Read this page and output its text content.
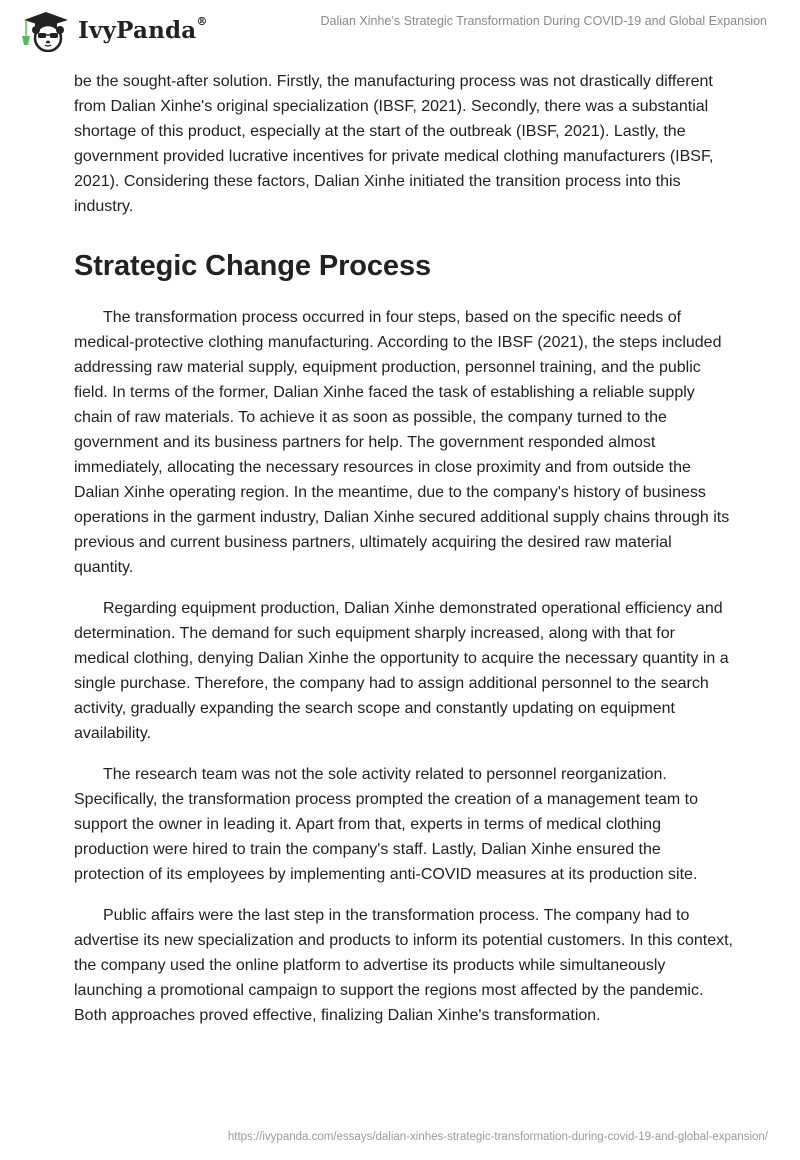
IvyPanda®	Dalian Xinhe’s Strategic Transformation During COVID-19 and Global Expansion

be the sought-after solution. Firstly, the manufacturing process was not drastically different from Dalian Xinhe's original specialization (IBSF, 2021). Secondly, there was a substantial shortage of this product, especially at the start of the outbreak (IBSF, 2021). Lastly, the government provided lucrative incentives for private medical clothing manufacturers (IBSF, 2021). Considering these factors, Dalian Xinhe initiated the transition process into this industry.

Strategic Change Process

The transformation process occurred in four steps, based on the specific needs of medical-protective clothing manufacturing. According to the IBSF (2021), the steps included addressing raw material supply, equipment production, personnel training, and the public field. In terms of the former, Dalian Xinhe faced the task of establishing a reliable supply chain of raw materials. To achieve it as soon as possible, the company turned to the government and its business partners for help. The government responded almost immediately, allocating the necessary resources in close proximity and from outside the Dalian Xinhe operating region. In the meantime, due to the company's history of business operations in the garment industry, Dalian Xinhe secured additional supply chains through its previous and current business partners, ultimately acquiring the desired raw material quantity.

Regarding equipment production, Dalian Xinhe demonstrated operational efficiency and determination. The demand for such equipment sharply increased, along with that for medical clothing, denying Dalian Xinhe the opportunity to acquire the necessary quantity in a single purchase. Therefore, the company had to assign additional personnel to the search activity, gradually expanding the search scope and constantly updating on equipment availability.

The research team was not the sole activity related to personnel reorganization. Specifically, the transformation process prompted the creation of a management team to support the owner in leading it. Apart from that, experts in terms of medical clothing production were hired to train the company's staff. Lastly, Dalian Xinhe ensured the protection of its employees by implementing anti-COVID measures at its production site.

Public affairs were the last step in the transformation process. The company had to advertise its new specialization and products to inform its potential customers. In this context, the company used the online platform to advertise its products while simultaneously launching a promotional campaign to support the regions most affected by the pandemic. Both approaches proved effective, finalizing Dalian Xinhe's transformation.

https://ivypanda.com/essays/dalian-xinhes-strategic-transformation-during-covid-19-and-global-expansion/
